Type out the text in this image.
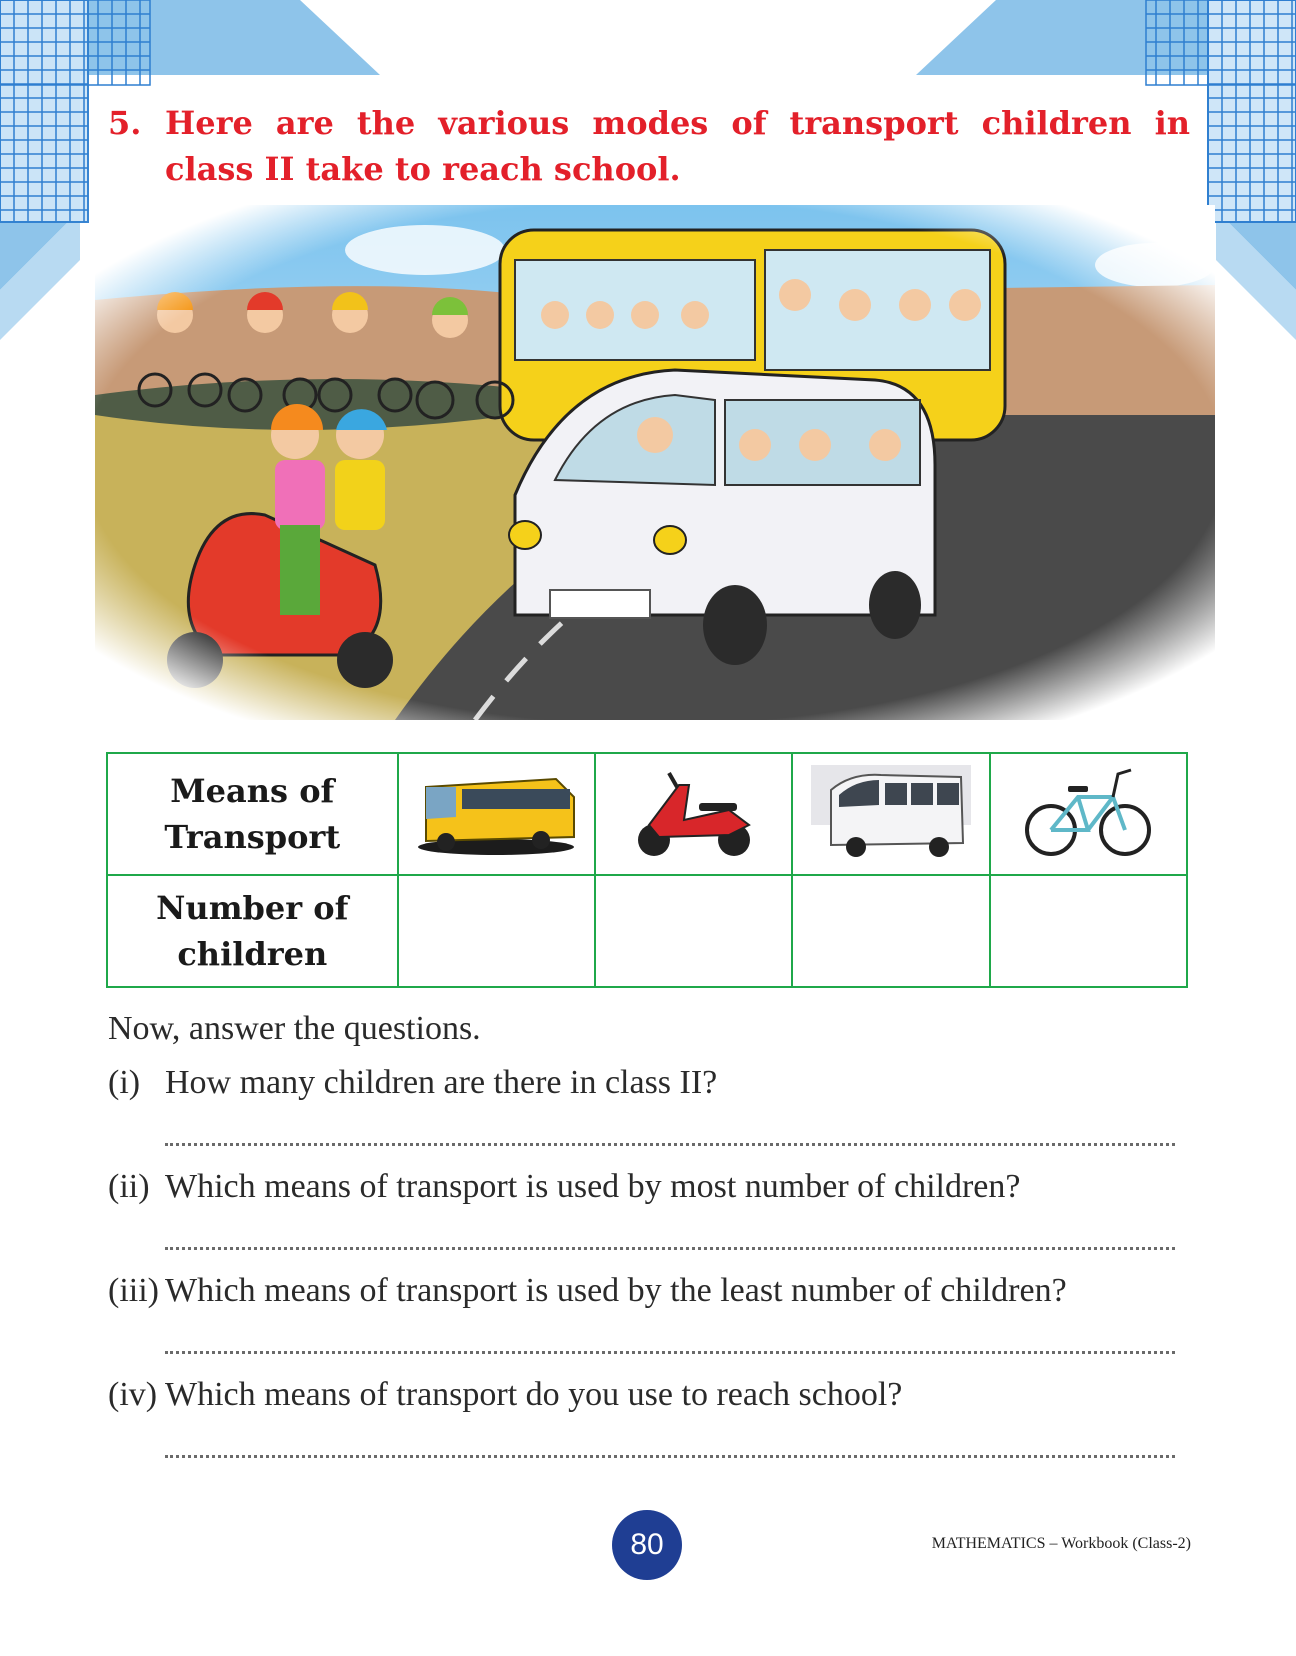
5. Here are the various modes of transport children in class II take to reach school.
Means of Transport				
Number of children				
Now, answer the questions.
(i) How many children are there in class II?
(ii) Which means of transport is used by most number of children?
(iii) Which means of transport is used by the least number of children?
(iv) Which means of transport do you use to reach school?
80	MATHEMATICS – Workbook (Class-2)
